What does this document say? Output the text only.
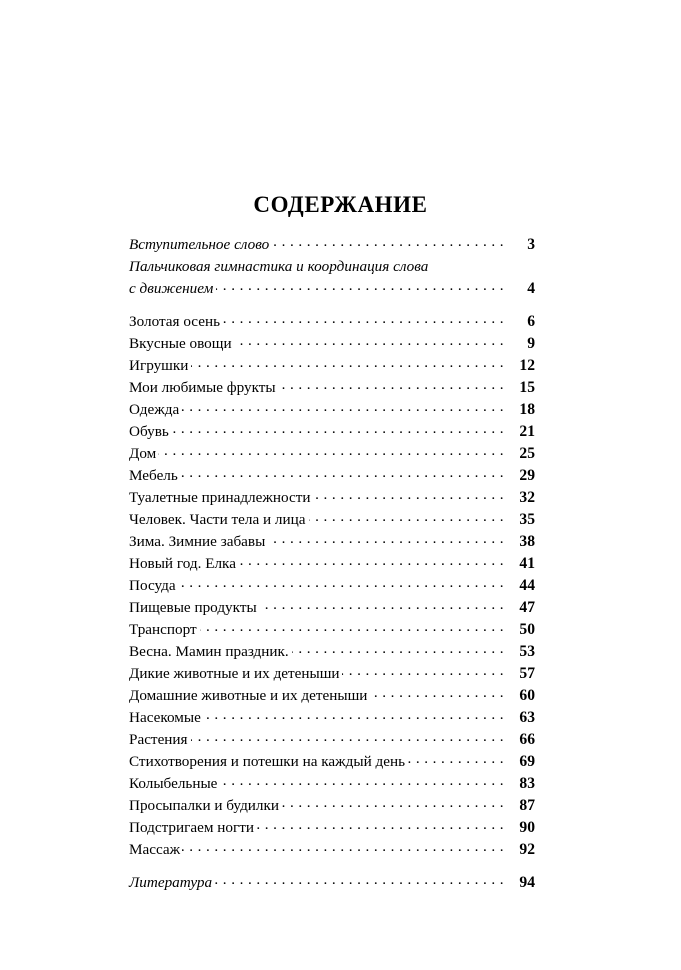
СОДЕРЖАНИЕ
Вступительное слово . . .	3
Пальчиковая гимнастика и координация слова
с движением . . .	4
Золотая осень . . .	6
Вкусные овощи . . .	9
Игрушки . . .	12
Мои любимые фрукты . . .	15
Одежда . . .	18
Обувь . . .	21
Дом . . .	25
Мебель . . .	29
Туалетные принадлежности . . .	32
Человек. Части тела и лица . . .	35
Зима. Зимние забавы . . .	38
Новый год. Елка . . .	41
Посуда . . .	44
Пищевые продукты . . .	47
Транспорт . . .	50
Весна. Мамин праздник. . . .	53
Дикие животные и их детеныши . . .	57
Домашние животные и их детеныши . . .	60
Насекомые . . .	63
Растения . . .	66
Стихотворения и потешки на каждый день . . .	69
Колыбельные . . .	83
Просыпалки и будилки . . .	87
Подстригаем ногти . . .	90
Массаж . . .	92
Литература . . .	94
